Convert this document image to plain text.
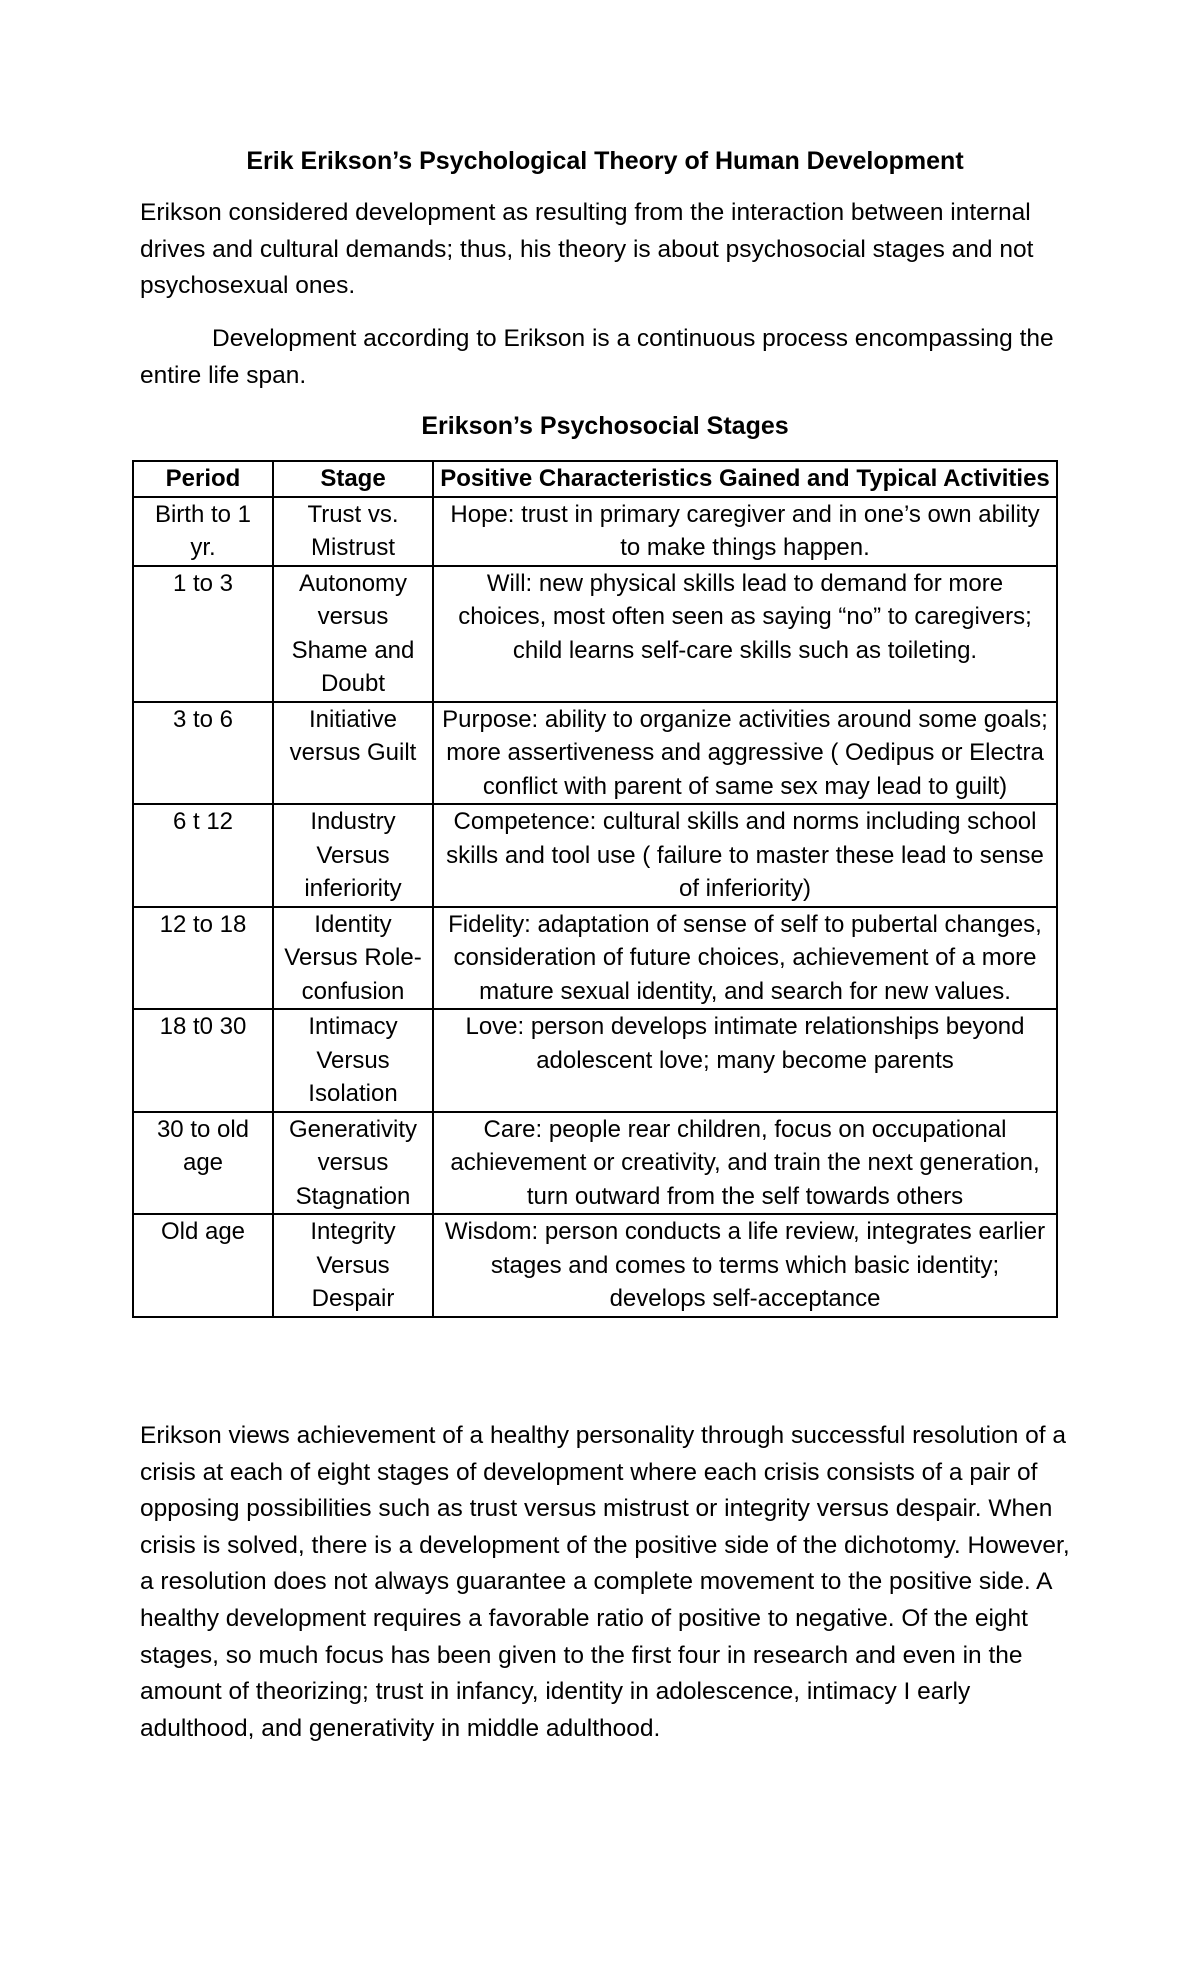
Erik Erikson’s Psychological Theory of Human Development

Erikson considered development as resulting from the interaction between internal drives and cultural demands; thus, his theory is about psychosocial stages and not psychosexual ones.

Development according to Erikson is a continuous process encompassing the entire life span.

Erikson’s Psychosocial Stages
Period	Stage	Positive Characteristics Gained and Typical Activities
Birth to 1 yr.	Trust vs. Mistrust	Hope: trust in primary caregiver and in one’s own ability to make things happen.
1 to 3	Autonomy versus Shame and Doubt	Will: new physical skills lead to demand for more choices, most often seen as saying “no” to caregivers; child learns self-care skills such as toileting.
3 to 6	Initiative versus Guilt	Purpose: ability to organize activities around some goals; more assertiveness and aggressive ( Oedipus or Electra conflict with parent of same sex may lead to guilt)
6 t 12	Industry Versus inferiority	Competence: cultural skills and norms including school skills and tool use ( failure to master these lead to sense of inferiority)
12 to 18	Identity Versus Role-confusion	Fidelity: adaptation of sense of self to pubertal changes, consideration of future choices, achievement of a more mature sexual identity, and search for new values.
18 t0 30	Intimacy Versus Isolation	Love: person develops intimate relationships beyond adolescent love; many become parents
30 to old age	Generativity versus Stagnation	Care: people rear children, focus on occupational achievement or creativity, and train the next generation, turn outward from the self towards others
Old age	Integrity Versus Despair	Wisdom: person conducts a life review, integrates earlier stages and comes to terms which basic identity; develops self-acceptance

Erikson views achievement of a healthy personality through successful resolution of a crisis at each of eight stages of development where each crisis consists of a pair of opposing possibilities such as trust versus mistrust or integrity versus despair. When crisis is solved, there is a development of the positive side of the dichotomy. However, a resolution does not always guarantee a complete movement to the positive side. A healthy development requires a favorable ratio of positive to negative. Of the eight stages, so much focus has been given to the first four in research and even in the amount of theorizing; trust in infancy, identity in adolescence, intimacy I early adulthood, and generativity in middle adulthood.
